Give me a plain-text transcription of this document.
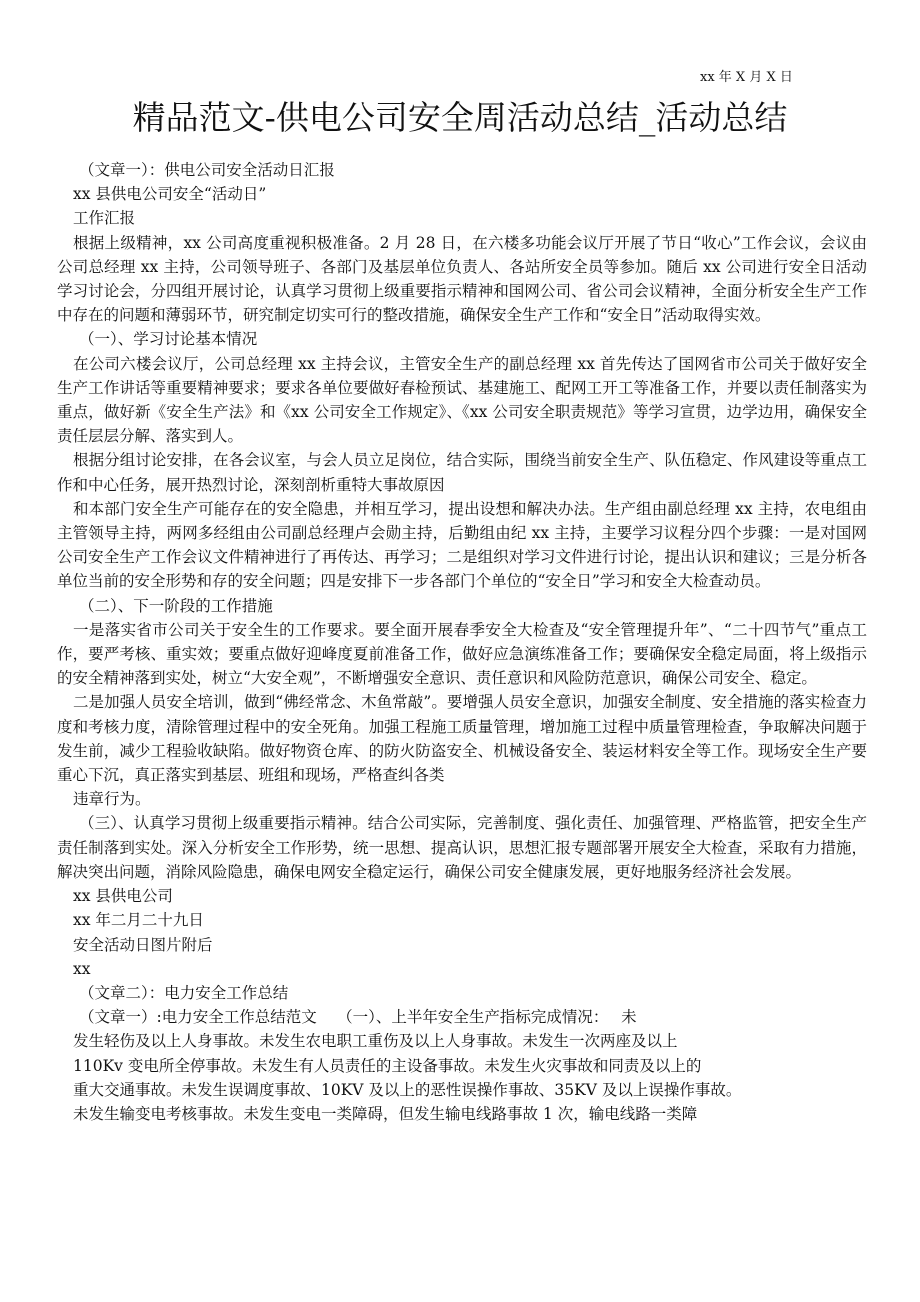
xx 年 X 月 X 日
精品范文-供电公司安全周活动总结_活动总结

（文章一）：供电公司安全活动日汇报

xx 县供电公司安全“活动日”

工作汇报

根据上级精神，xx 公司高度重视积极准备。2 月 28 日，在六楼多功能会议厅开展了节日“收心”工作会议，会议由公司总经理 xx 主持，公司领导班子、各部门及基层单位负责人、各站所安全员等参加。随后 xx 公司进行安全日活动学习讨论会，分四组开展讨论，认真学习贯彻上级重要指示精神和国网公司、省公司会议精神，全面分析安全生产工作中存在的问题和薄弱环节，研究制定切实可行的整改措施，确保安全生产工作和“安全日”活动取得实效。

（一）、学习讨论基本情况

在公司六楼会议厅，公司总经理 xx 主持会议，主管安全生产的副总经理 xx 首先传达了国网省市公司关于做好安全生产工作讲话等重要精神要求；要求各单位要做好春检预试、基建施工、配网工开工等准备工作，并要以责任制落实为重点，做好新《安全生产法》和《xx 公司安全工作规定》、《xx 公司安全职责规范》等学习宣贯，边学边用，确保安全责任层层分解、落实到人。

根据分组讨论安排，在各会议室，与会人员立足岗位，结合实际，围绕当前安全生产、队伍稳定、作风建设等重点工作和中心任务，展开热烈讨论，深刻剖析重特大事故原因

和本部门安全生产可能存在的安全隐患，并相互学习，提出设想和解决办法。生产组由副总经理 xx 主持，农电组由主管领导主持，两网多经组由公司副总经理卢会勋主持，后勤组由纪 xx 主持，主要学习议程分四个步骤：一是对国网公司安全生产工作会议文件精神进行了再传达、再学习；二是组织对学习文件进行讨论，提出认识和建议；三是分析各单位当前的安全形势和存的安全问题；四是安排下一步各部门个单位的“安全日”学习和安全大检查动员。

（二）、下一阶段的工作措施

一是落实省市公司关于安全生的工作要求。要全面开展春季安全大检查及“安全管理提升年”、“二十四节气”重点工作，要严考核、重实效；要重点做好迎峰度夏前准备工作，做好应急演练准备工作；要确保安全稳定局面，将上级指示的安全精神落到实处，树立“大安全观”，不断增强安全意识、责任意识和风险防范意识，确保公司安全、稳定。

二是加强人员安全培训，做到“佛经常念、木鱼常敲”。要增强人员安全意识，加强安全制度、安全措施的落实检查力度和考核力度，清除管理过程中的安全死角。加强工程施工质量管理，增加施工过程中质量管理检查，争取解决问题于发生前，减少工程验收缺陷。做好物资仓库、的防火防盗安全、机械设备安全、装运材料安全等工作。现场安全生产要重心下沉，真正落实到基层、班组和现场，严格查纠各类

违章行为。

（三）、认真学习贯彻上级重要指示精神。结合公司实际，完善制度、强化责任、加强管理、严格监管，把安全生产责任制落到实处。深入分析安全工作形势，统一思想、提高认识，思想汇报专题部署开展安全大检查，采取有力措施，解决突出问题，消除风险隐患，确保电网安全稳定运行，确保公司安全健康发展，更好地服务经济社会发展。

xx 县供电公司

xx 年二月二十九日

安全活动日图片附后

xx

（文章二）：电力安全工作总结

（文章一）:电力安全工作总结范文　 （一）、上半年安全生产指标完成情况：　 未

发生轻伤及以上人身事故。未发生农电职工重伤及以上人身事故。未发生一次两座及以上

110Kv 变电所全停事故。未发生有人员责任的主设备事故。未发生火灾事故和同责及以上的

重大交通事故。未发生误调度事故、10KV 及以上的恶性误操作事故、35KV 及以上误操作事故。

未发生输变电考核事故。未发生变电一类障碍，但发生输电线路事故 1 次，输电线路一类障
